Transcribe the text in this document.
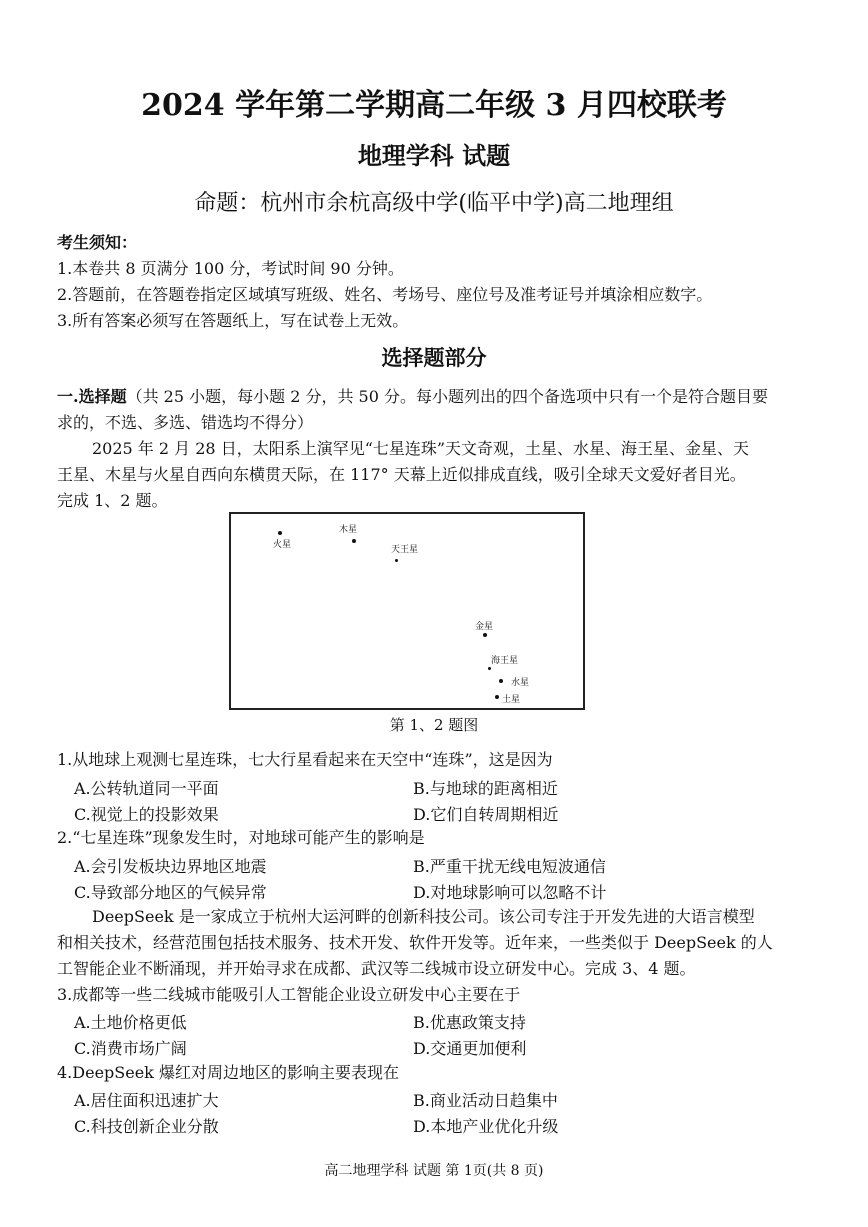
2024 学年第二学期高二年级 3 月四校联考
地理学科 试题
命题：杭州市余杭高级中学(临平中学)高二地理组
考生须知：
1.本卷共 8 页满分 100 分，考试时间 90 分钟。
2.答题前，在答题卷指定区域填写班级、姓名、考场号、座位号及准考证号并填涂相应数字。
3.所有答案必须写在答题纸上，写在试卷上无效。
选择题部分
一.选择题（共 25 小题，每小题 2 分，共 50 分。每小题列出的四个备选项中只有一个是符合题目要
求的，不选、多选、错选均不得分）
2025 年 2 月 28 日，太阳系上演罕见“七星连珠”天文奇观，土星、水星、海王星、金星、天
王星、木星与火星自西向东横贯天际，在 117° 天幕上近似排成直线，吸引全球天文爱好者目光。
完成 1、2 题。
火星
木星
天王星
金星
海王星
水星
土星
第 1、2 题图
1.从地球上观测七星连珠，七大行星看起来在天空中“连珠”，这是因为
A.公转轨道同一平面	B.与地球的距离相近
C.视觉上的投影效果	D.它们自转周期相近
2.“七星连珠”现象发生时，对地球可能产生的影响是
A.会引发板块边界地区地震	B.严重干扰无线电短波通信
C.导致部分地区的气候异常	D.对地球影响可以忽略不计
DeepSeek 是一家成立于杭州大运河畔的创新科技公司。该公司专注于开发先进的大语言模型
和相关技术，经营范围包括技术服务、技术开发、软件开发等。近年来，一些类似于 DeepSeek 的人
工智能企业不断涌现，并开始寻求在成都、武汉等二线城市设立研发中心。完成 3、4 题。
3.成都等一些二线城市能吸引人工智能企业设立研发中心主要在于
A.土地价格更低	B.优惠政策支持
C.消费市场广阔	D.交通更加便利
4.DeepSeek 爆红对周边地区的影响主要表现在
A.居住面积迅速扩大	B.商业活动日趋集中
C.科技创新企业分散	D.本地产业优化升级
高二地理学科 试题 第 1页(共 8 页)
